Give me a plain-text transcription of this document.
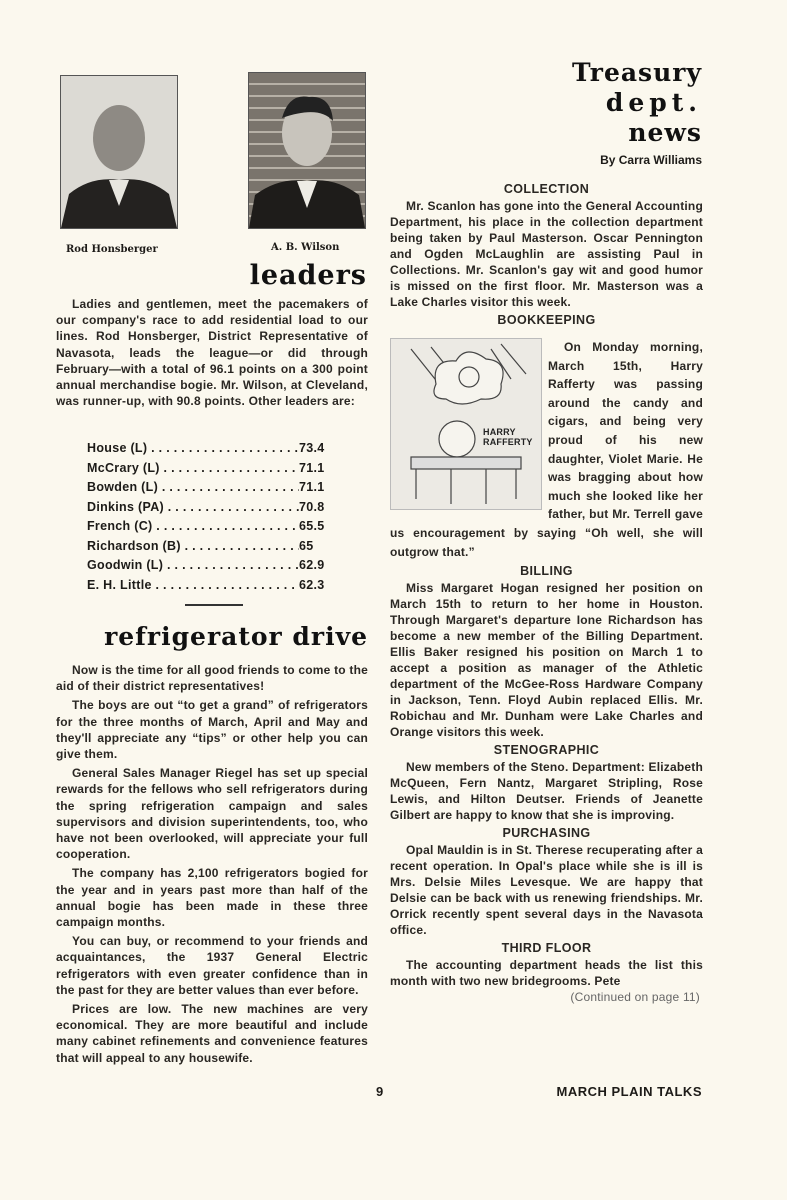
Rod Honsberger	A. B. Wilson
leaders

Ladies and gentlemen, meet the pacemakers of our company's race to add residential load to our lines. Rod Honsberger, District Representative of Navasota, leads the league—or did through February—with a total of 96.1 points on a 300 point annual merchandise bogie. Mr. Wilson, at Cleveland, was runner-up, with 90.8 points. Other leaders are:

House (L) . . .	73.4
McCrary (L) . . .	71.1
Bowden (L) . . .	71.1
Dinkins (PA) . . .	70.8
French (C) . . .	65.5
Richardson (B) . . .	65
Goodwin (L) . . .	62.9
E. H. Little . . .	62.3
refrigerator drive

Now is the time for all good friends to come to the aid of their district representatives!

The boys are out “to get a grand” of refrigerators for the three months of March, April and May and they'll appreciate any “tips” or other help you can give them.

General Sales Manager Riegel has set up special rewards for the fellows who sell refrigerators during the spring refrigeration campaign and sales supervisors and division superintendents, too, who have not been overlooked, will appreciate your full cooperation.

The company has 2,100 refrigerators bogied for the year and in years past more than half of the annual bogie has been made in these three campaign months.

You can buy, or recommend to your friends and acquaintances, the 1937 General Electric refrigerators with even greater confidence than in the past for they are better values than ever before.

Prices are low. The new machines are very economical. They are more beautiful and include many cabinet refinements and convenience features that will appeal to any housewife.

Treasury
dept.
news
By Carra Williams
COLLECTION

Mr. Scanlon has gone into the General Accounting Department, his place in the collection department being taken by Paul Masterson. Oscar Pennington and Ogden McLaughlin are assisting Paul in Collections. Mr. Scanlon's gay wit and good humor is missed on the first floor. Mr. Masterson was a Lake Charles visitor this week.

BOOKKEEPING
HARRY RAFFERTY

On Monday morning, March 15th, Harry Rafferty was passing around the candy and cigars, and being very proud of his new daughter, Violet Marie. He was bragging about how much she looked like her father, but Mr. Terrell gave us encouragement by saying “Oh well, she will outgrow that.”

BILLING

Miss Margaret Hogan resigned her position on March 15th to return to her home in Houston. Through Margaret's departure Ione Richardson has become a new member of the Billing Department. Ellis Baker resigned his position on March 1 to accept a position as manager of the Athletic department of the McGee-Ross Hardware Company in Jackson, Tenn. Floyd Aubin replaced Ellis. Mr. Robichau and Mr. Dunham were Lake Charles and Orange visitors this week.

STENOGRAPHIC

New members of the Steno. Department: Elizabeth McQueen, Fern Nantz, Margaret Stripling, Rose Lewis, and Hilton Deutser. Friends of Jeanette Gilbert are happy to know that she is improving.

PURCHASING

Opal Mauldin is in St. Therese recuperating after a recent operation. In Opal's place while she is ill is Mrs. Delsie Miles Levesque. We are happy that Delsie can be back with us renewing friendships. Mr. Orrick recently spent several days in the Navasota office.

THIRD FLOOR

The accounting department heads the list this month with two new bridegrooms. Pete

(Continued on page 11)
9	MARCH PLAIN TALKS
